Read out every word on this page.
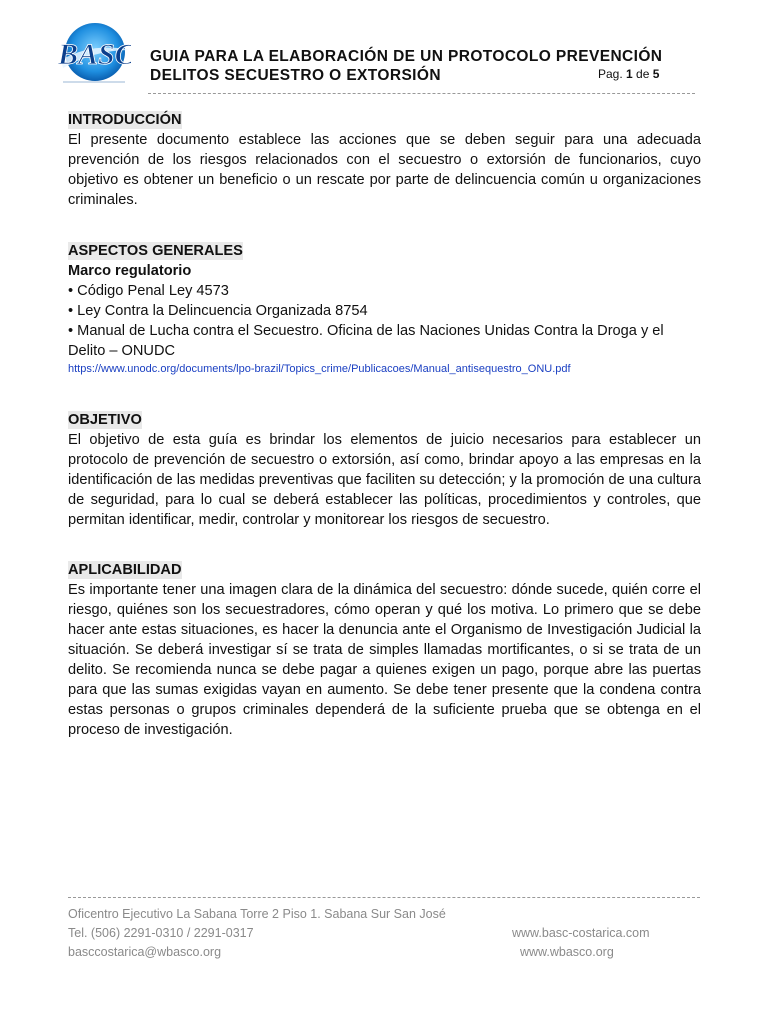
BASC GUIA PARA LA ELABORACIÓN DE UN PROTOCOLO PREVENCIÓN
DELITOS SECUESTRO O EXTORSIÓN	Pag. 1 de 5
INTRODUCCIÓN
El presente documento establece las acciones que se deben seguir para una adecuada prevención de los riesgos relacionados con el secuestro o extorsión de funcionarios, cuyo objetivo es obtener un beneficio o un rescate por parte de delincuencia común u organizaciones criminales.
ASPECTOS GENERALES
Marco regulatorio
• Código Penal Ley 4573
• Ley Contra la Delincuencia Organizada 8754
• Manual de Lucha contra el Secuestro. Oficina de las Naciones Unidas Contra la Droga y el Delito – ONUDC
https://www.unodc.org/documents/lpo-brazil/Topics_crime/Publicacoes/Manual_antisequestro_ONU.pdf
OBJETIVO
El objetivo de esta guía es brindar los elementos de juicio necesarios para establecer un protocolo de prevención de secuestro o extorsión, así como, brindar apoyo a las empresas en la identificación de las medidas preventivas que faciliten su detección; y la promoción de una cultura de seguridad, para lo cual se deberá establecer las políticas, procedimientos y controles, que permitan identificar, medir, controlar y monitorear los riesgos de secuestro.
APLICABILIDAD
Es importante tener una imagen clara de la dinámica del secuestro: dónde sucede, quién corre el riesgo, quiénes son los secuestradores, cómo operan y qué los motiva. Lo primero que se debe hacer ante estas situaciones, es hacer la denuncia ante el Organismo de Investigación Judicial la situación. Se deberá investigar sí se trata de simples llamadas mortificantes, o si se trata de un delito. Se recomienda nunca se debe pagar a quienes exigen un pago, porque abre las puertas para que las sumas exigidas vayan en aumento. Se debe tener presente que la condena contra estas personas o grupos criminales dependerá de la suficiente prueba que se obtenga en el proceso de investigación.
Oficentro Ejecutivo La Sabana Torre 2 Piso 1. Sabana Sur San José
Tel. (506) 2291-0310 / 2291-0317
basccostarica@wbasco.org
www.basc-costarica.com
www.wbasco.org
